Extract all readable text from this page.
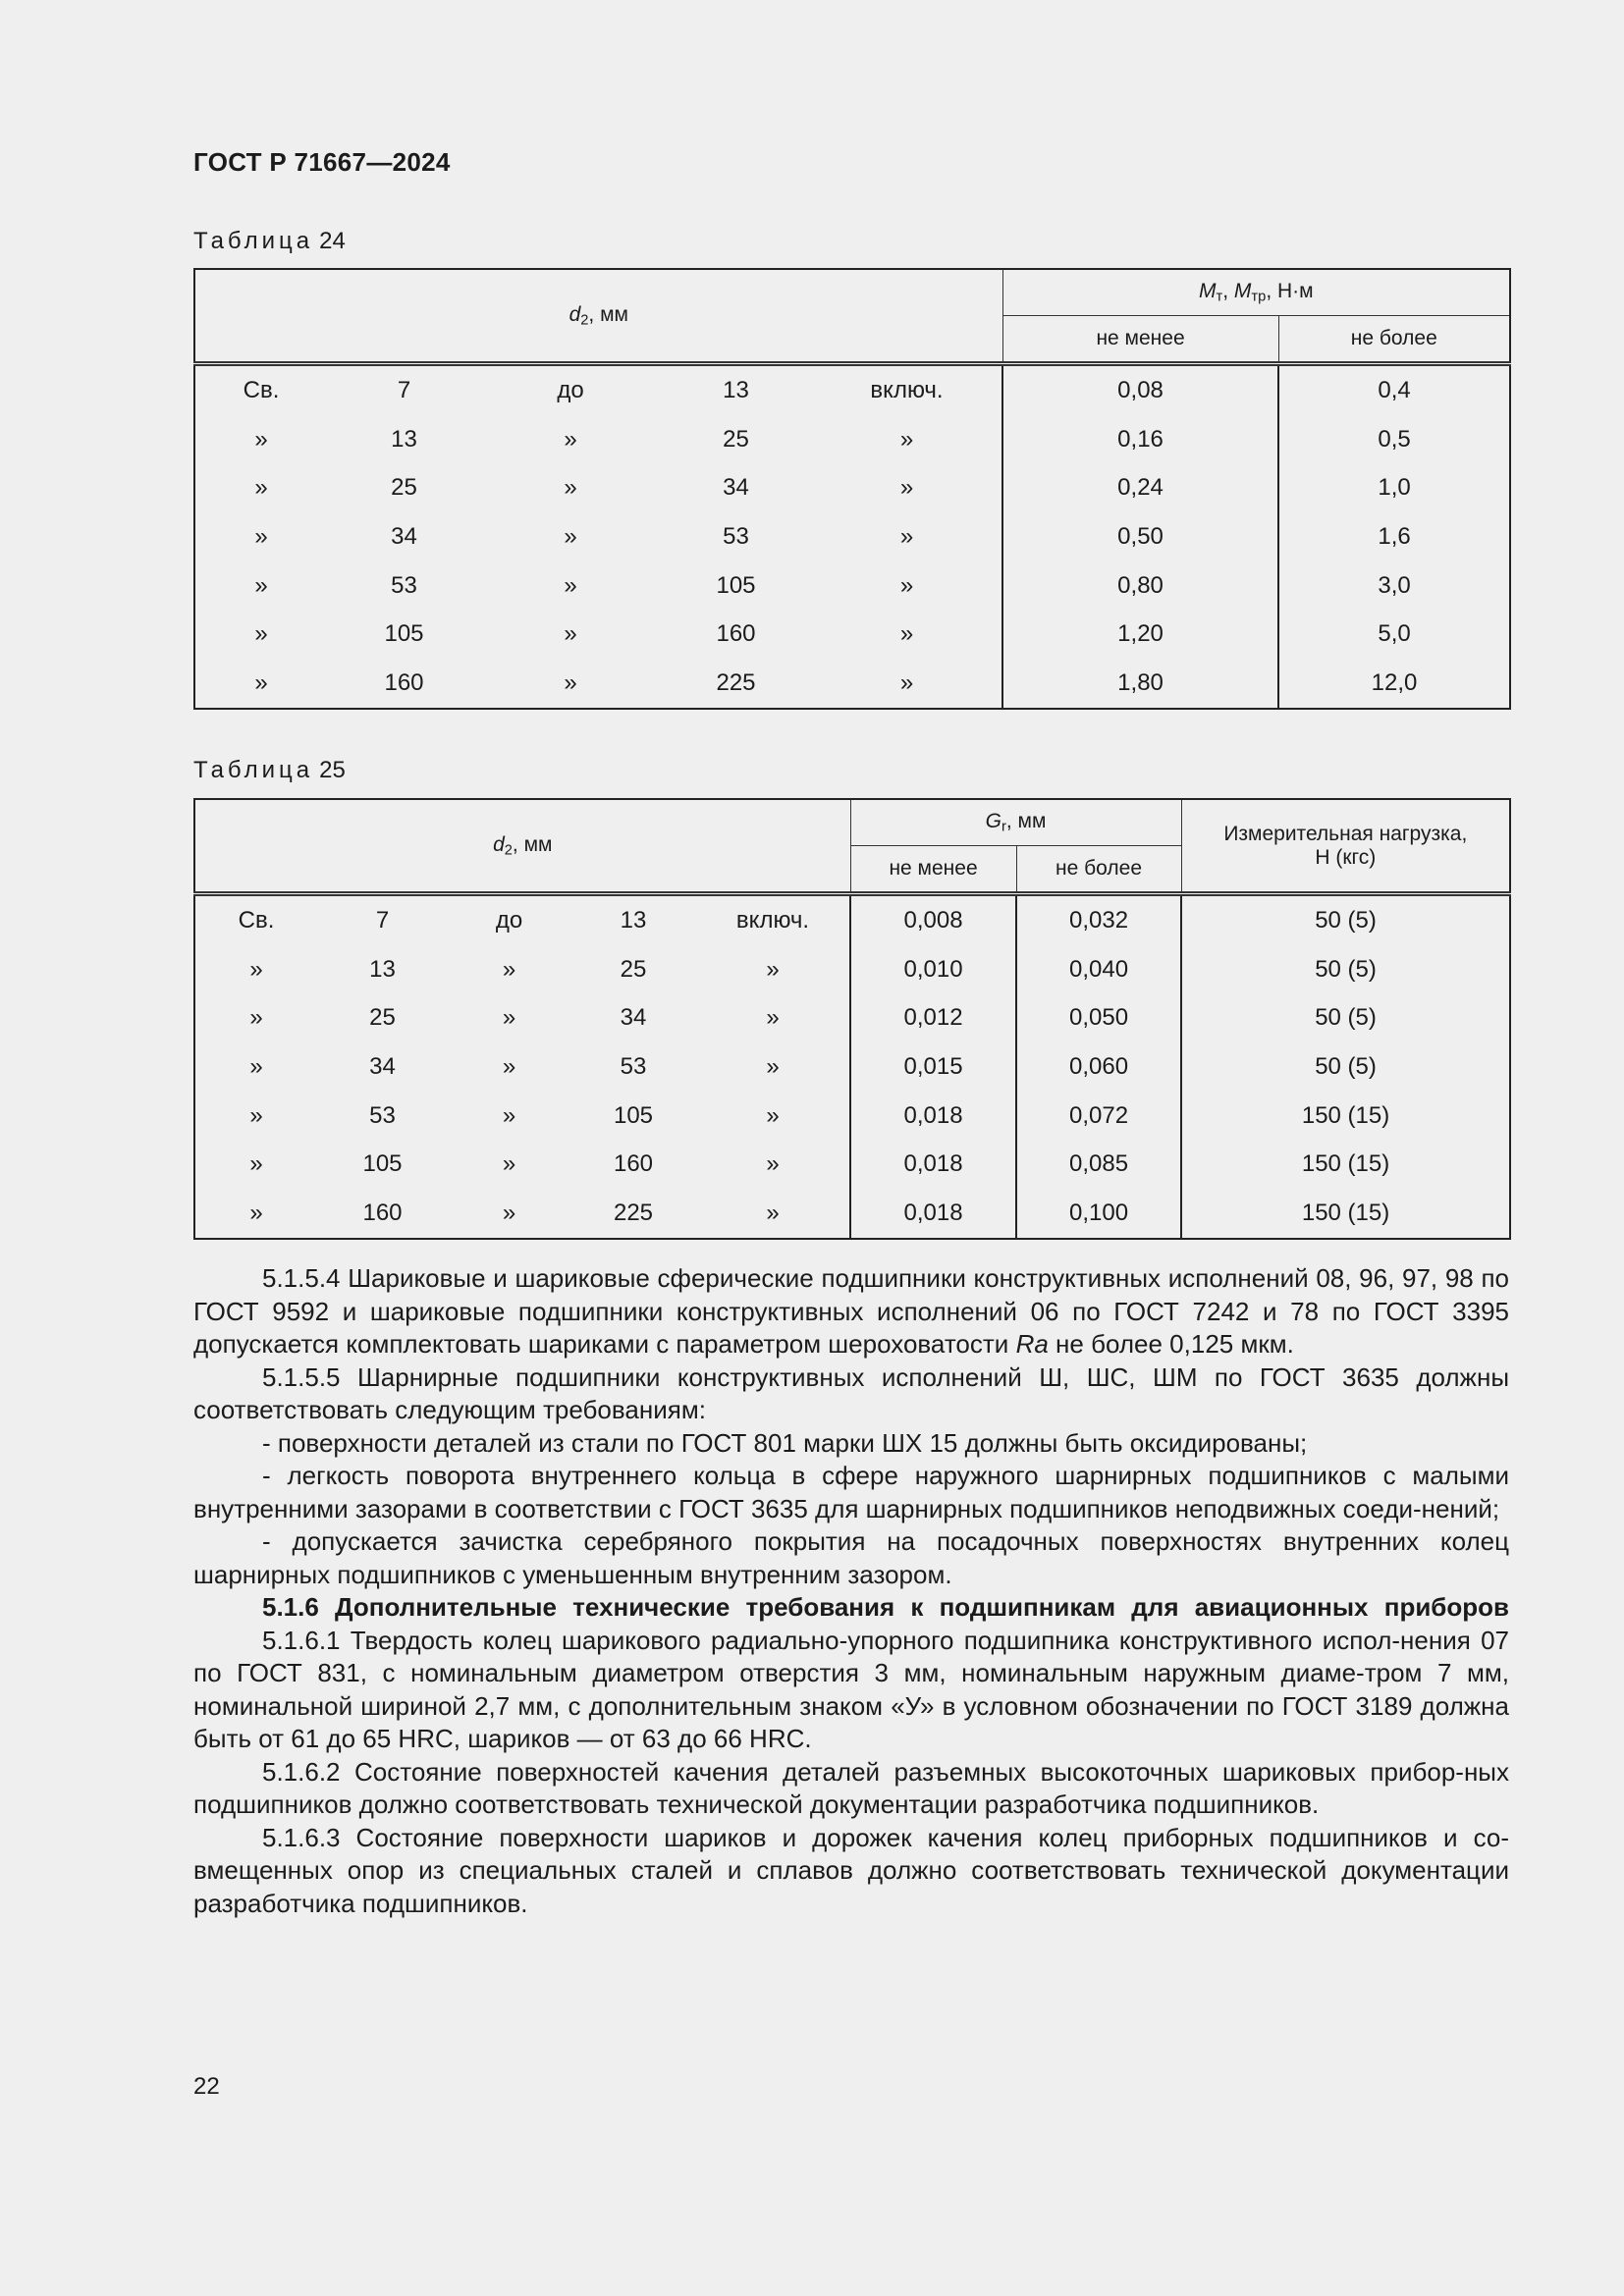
ГОСТ Р 71667—2024
Таблица 24
$d_2$, мм					$M_т$, $M_{тр}$, Н·м	
					не менее	не более
Св.	7	до	13	включ.	0,08	0,4
»	13	»	25	»	0,16	0,5
»	25	»	34	»	0,24	1,0
»	34	»	53	»	0,50	1,6
»	53	»	105	»	0,80	3,0
»	105	»	160	»	1,20	5,0
»	160	»	225	»	1,80	12,0
Таблица 25
$d_2$, мм					$G_r$, мм		Измерительная нагрузка,
Н (кгс)

					не менее	не более	
Св.	7	до	13	включ.	0,008	0,032	50 (5)
»	13	»	25	»	0,010	0,040	50 (5)
»	25	»	34	»	0,012	0,050	50 (5)
»	34	»	53	»	0,015	0,060	50 (5)
»	53	»	105	»	0,018	0,072	150 (15)
»	105	»	160	»	0,018	0,085	150 (15)
»	160	»	225	»	0,018	0,100	150 (15)

5.1.5.4 Шариковые и шариковые сферические подшипники конструктивных исполнений 08, 96, 97, 98 по ГОСТ 9592 и шариковые подшипники конструктивных исполнений 06 по ГОСТ 7242 и 78 по ГОСТ 3395 допускается комплектовать шариками с параметром шероховатости Ra не более 0,125 мкм.

5.1.5.5 Шарнирные подшипники конструктивных исполнений Ш, ШС, ШМ по ГОСТ 3635 должны соответствовать следующим требованиям:

- поверхности деталей из стали по ГОСТ 801 марки ШХ 15 должны быть оксидированы;

- легкость поворота внутреннего кольца в сфере наружного шарнирных подшипников с малыми внутренними зазорами в соответствии с ГОСТ 3635 для шарнирных подшипников неподвижных соеди-нений;

- допускается зачистка серебряного покрытия на посадочных поверхностях внутренних колец шарнирных подшипников с уменьшенным внутренним зазором.

5.1.6 Дополнительные технические требования к подшипникам для авиационных приборов

5.1.6.1 Твердость колец шарикового радиально-упорного подшипника конструктивного испол-нения 07 по ГОСТ 831, с номинальным диаметром отверстия 3 мм, номинальным наружным диаме-тром 7 мм, номинальной шириной 2,7 мм, с дополнительным знаком «У» в условном обозначении по ГОСТ 3189 должна быть от 61 до 65 HRC, шариков — от 63 до 66 HRC.

5.1.6.2 Состояние поверхностей качения деталей разъемных высокоточных шариковых прибор-ных подшипников должно соответствовать технической документации разработчика подшипников.

5.1.6.3 Состояние поверхности шариков и дорожек качения колец приборных подшипников и со-вмещенных опор из специальных сталей и сплавов должно соответствовать технической документации разработчика подшипников.

22
